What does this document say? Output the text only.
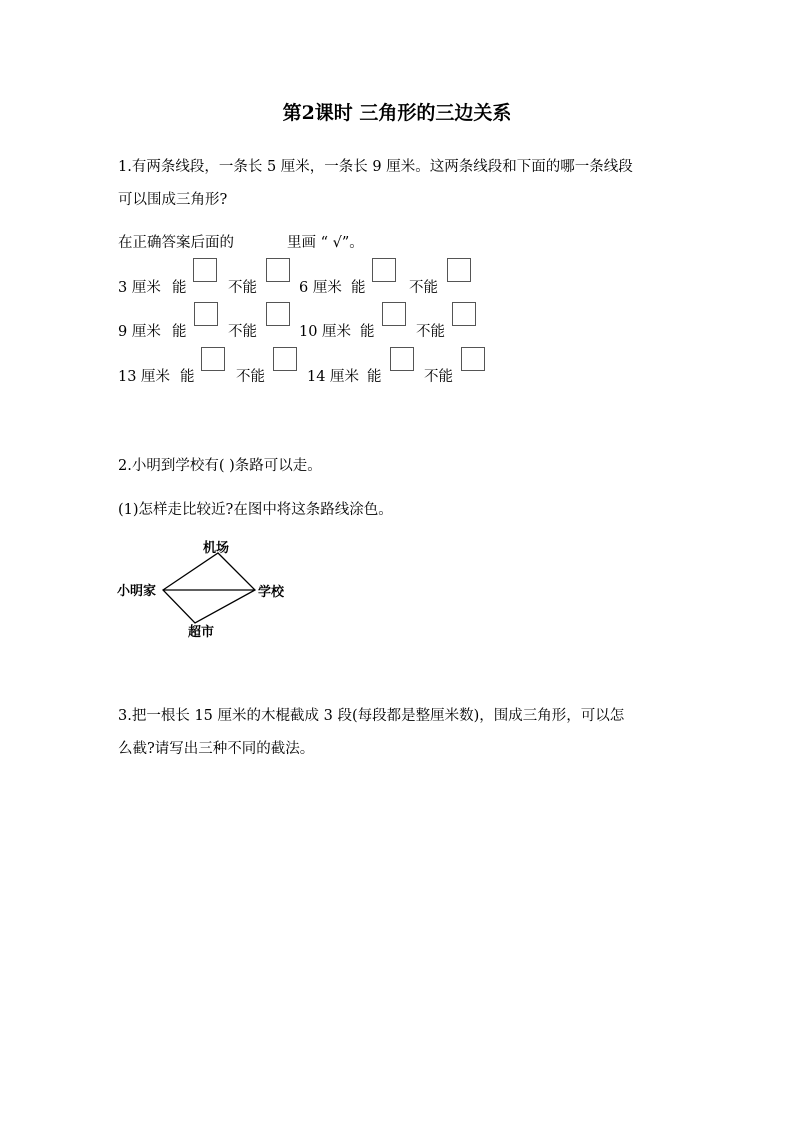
第2课时 三角形的三边关系
1.有两条线段，一条长 5 厘米，一条长 9 厘米。这两条线段和下面的哪一条线段
可以围成三角形?
在正确答案后面的	里画 “ √”。
3 厘米 能	不能	6 厘米 能	不能
9 厘米 能	不能	10 厘米 能	不能
13 厘米 能	不能	14 厘米 能	不能
2.小明到学校有( )条路可以走。
(1)怎样走比较近?在图中将这条路线涂色。
小明家
机场
学校
超市
3.把一根长 15 厘米的木棍截成 3 段(每段都是整厘米数)，围成三角形，可以怎
么截?请写出三种不同的截法。
